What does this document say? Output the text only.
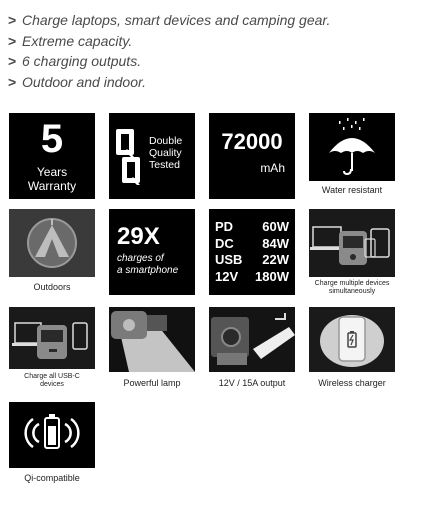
> Charge laptops, smart devices and camping gear.
> Extreme capacity.
> 6 charging outputs.
> Outdoor and indoor.
5
Years
Warranty
Double
Quality
Tested
72000
mAh
Water resistant
Outdoors
29X
charges of
a smartphone
PD 60W
DC 84W
USB 22W
12V 180W	Charge multiple devices
simultaneously
Charge all USB-C
devices	Powerful lamp	12V / 15A output	Wireless charger
Qi-compatible
